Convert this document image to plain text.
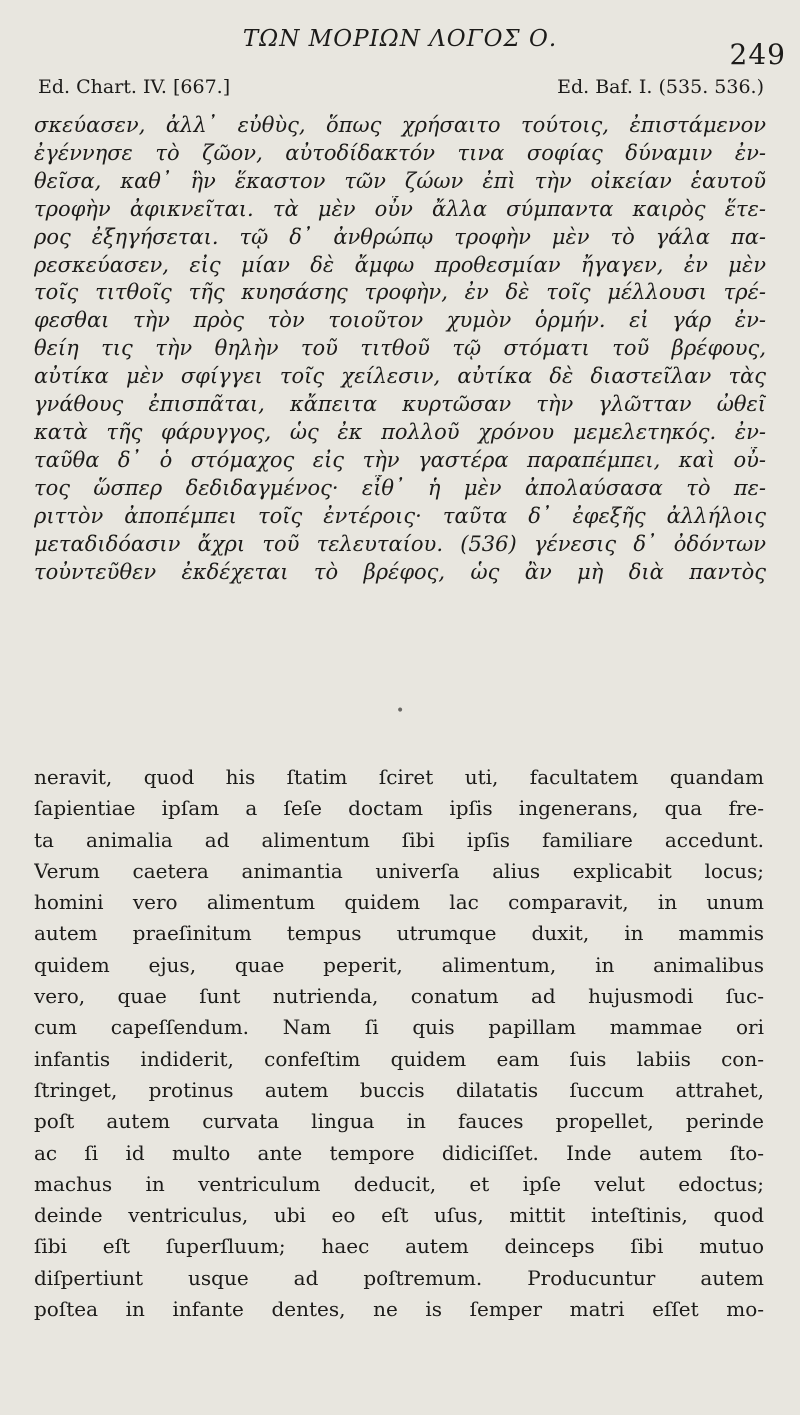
ΤΩΝ ΜΟΡΙΩΝ ΛΟΓΟΣ Ο.	249
Ed. Chart. IV. [667.]	Ed. Baf. I. (535. 536.)
σκεύασεν, ἀλλ᾽ εὐθὺς, ὅπως χρήσαιτο τούτοις, ἐπιστάμενον
ἐγέννησε τὸ ζῶον, αὐτοδίδακτόν τινα σοφίας δύναμιν ἐν-
θεῖσα, καθ᾽ ἣν ἕκαστον τῶν ζώων ἐπὶ τὴν οἰκείαν ἑαυτοῦ
τροφὴν ἀφικνεῖται. τὰ μὲν οὖν ἄλλα σύμπαντα καιρὸς ἕτε-
ρος ἐξηγήσεται. τῷ δ᾽ ἀνθρώπῳ τροφὴν μὲν τὸ γάλα πα-
ρεσκεύασεν, εἰς μίαν δὲ ἄμφω προθεσμίαν ἤγαγεν, ἐν μὲν
τοῖς τιτθοῖς τῆς κυησάσης τροφὴν, ἐν δὲ τοῖς μέλλουσι τρέ-
φεσθαι τὴν πρὸς τὸν τοιοῦτον χυμὸν ὁρμήν. εἰ γάρ ἐν-
θείη τις τὴν θηλὴν τοῦ τιτθοῦ τῷ στόματι τοῦ βρέφους,
αὐτίκα μὲν σφίγγει τοῖς χείλεσιν, αὐτίκα δὲ διαστεῖλαν τὰς
γνάθους ἐπισπᾶται, κἄπειτα κυρτῶσαν τὴν γλῶτταν ὠθεῖ
κατὰ τῆς φάρυγγος, ὡς ἐκ πολλοῦ χρόνου μεμελετηκός. ἐν-
ταῦθα δ᾽ ὁ στόμαχος εἰς τὴν γαστέρα παραπέμπει, καὶ οὖ-
τος ὥσπερ δεδιδαγμένος· εἶθ᾽ ἡ μὲν ἀπολαύσασα τὸ πε-
ριττὸν ἀποπέμπει τοῖς ἐντέροις· ταῦτα δ᾽ ἐφεξῆς ἀλλήλοις
μεταδιδόασιν ἄχρι τοῦ τελευταίου. (536) γένεσις δ᾽ ὀδόντων
τοὐντεῦθεν ἐκδέχεται τὸ βρέφος, ὡς ἂν μὴ διὰ παντὸς
•
neravit, quod his ſtatim ſciret uti, facultatem quandam
ſapientiae ipſam a ſeſe doctam ipſis ingenerans, qua fre-
ta animalia ad alimentum ſibi ipſis familiare accedunt.
Verum caetera animantia univerſa alius explicabit locus;
homini vero alimentum quidem lac comparavit, in unum
autem praeſinitum tempus utrumque duxit, in mammis
quidem ejus, quae peperit, alimentum, in animalibus
vero, quae ſunt nutrienda, conatum ad hujusmodi ſuc-
cum capeſſendum. Nam ſi quis papillam mammae ori
infantis indiderit, confeſtim quidem eam ſuis labiis con-
ſtringet, protinus autem buccis dilatatis ſuccum attrahet,
poſt autem curvata lingua in fauces propellet, perinde
ac ſi id multo ante tempore didiciſſet. Inde autem ſto-
machus in ventriculum deducit, et ipſe velut edoctus;
deinde ventriculus, ubi eo eſt uſus, mittit inteſtinis, quod
ſibi eſt ſuperſluum; haec autem deinceps ſibi mutuo
diſpertiunt usque ad poſtremum. Producuntur autem
poſtea in infante dentes, ne is ſemper matri eſſet mo-
